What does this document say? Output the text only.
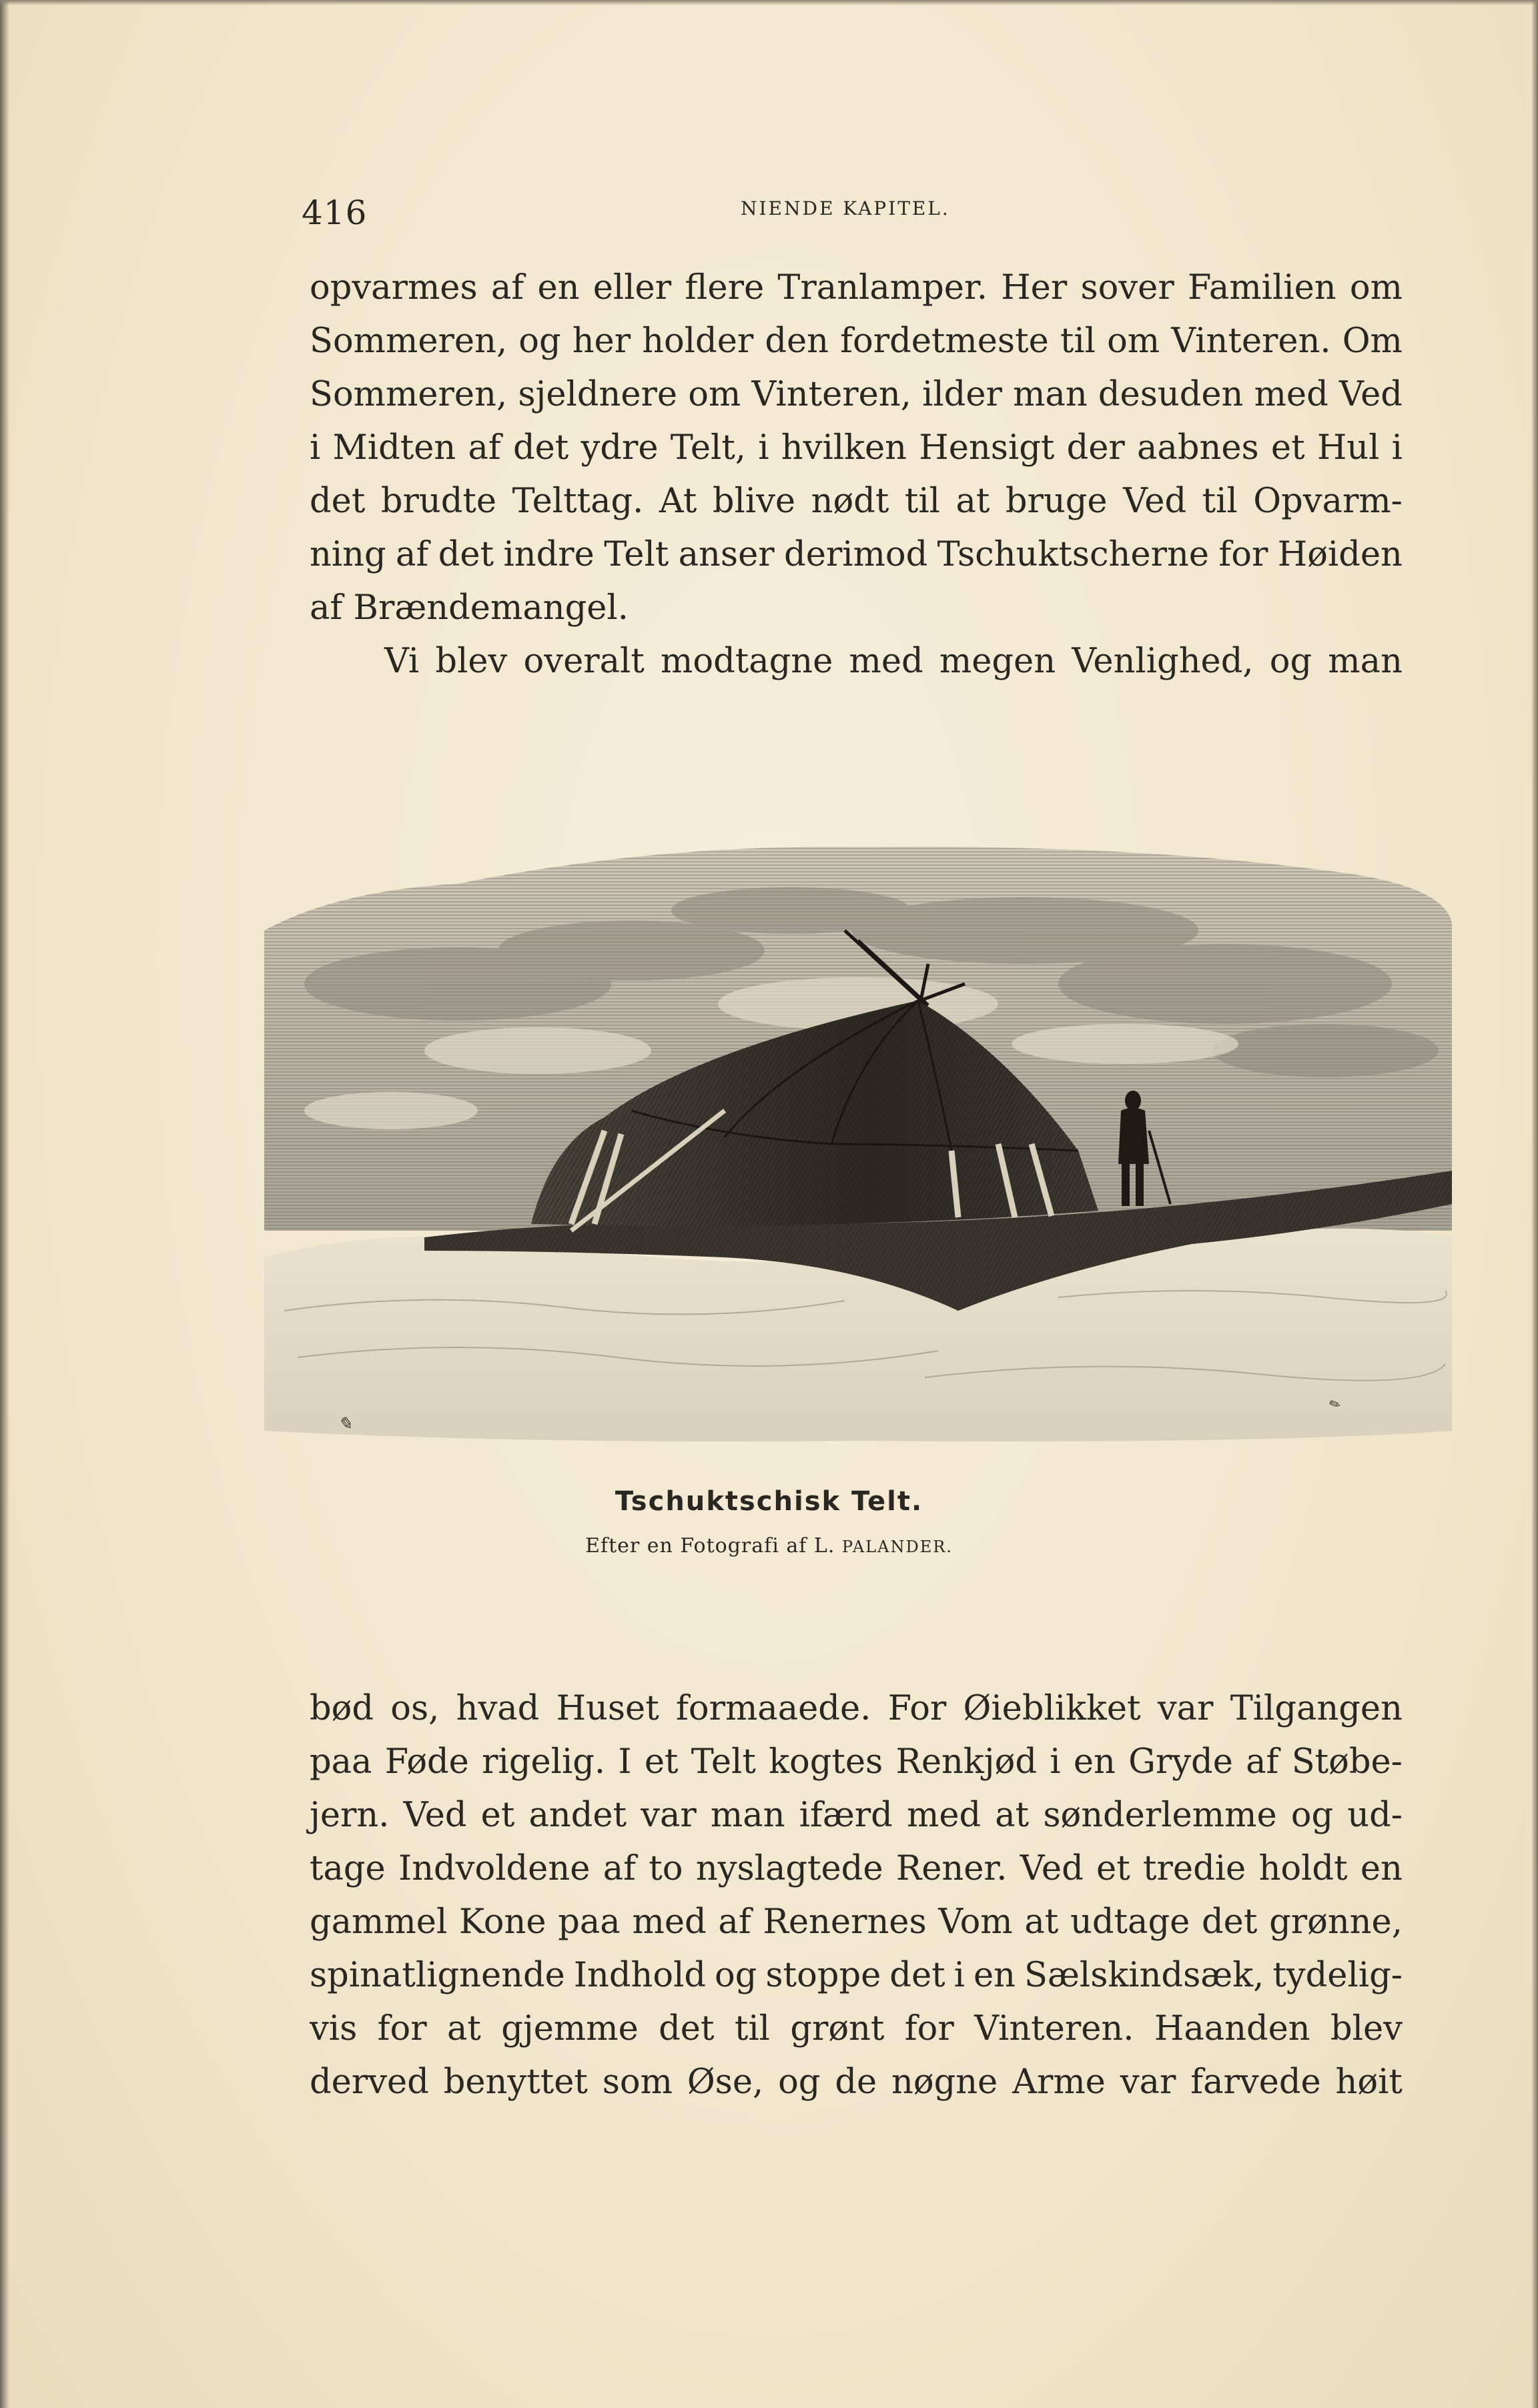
416	NIENDE KAPITEL.
opvarmes af en eller flere Tranlamper. Her sover Familien om
Sommeren, og her holder den fordetmeste til om Vinteren. Om
Sommeren, sjeldnere om Vinteren, ilder man desuden med Ved
i Midten af det ydre Telt, i hvilken Hensigt der aabnes et Hul i
det brudte Telttag. At blive nødt til at bruge Ved til Opvarm-
ning af det indre Telt anser derimod Tschuktscherne for Høiden
af Brændemangel.
Vi blev overalt modtagne med megen Venlighed, og man
✎
✎
Tschuktschisk Telt.
Efter en Fotografi af L. PALANDER.
bød os, hvad Huset formaaede. For Øieblikket var Tilgangen
paa Føde rigelig. I et Telt kogtes Renkjød i en Gryde af Støbe-
jern. Ved et andet var man ifærd med at sønderlemme og ud-
tage Indvoldene af to nyslagtede Rener. Ved et tredie holdt en
gammel Kone paa med af Renernes Vom at udtage det grønne,
spinatlignende Indhold og stoppe det i en Sælskindsæk, tydelig-
vis for at gjemme det til grønt for Vinteren. Haanden blev
derved benyttet som Øse, og de nøgne Arme var farvede høit
